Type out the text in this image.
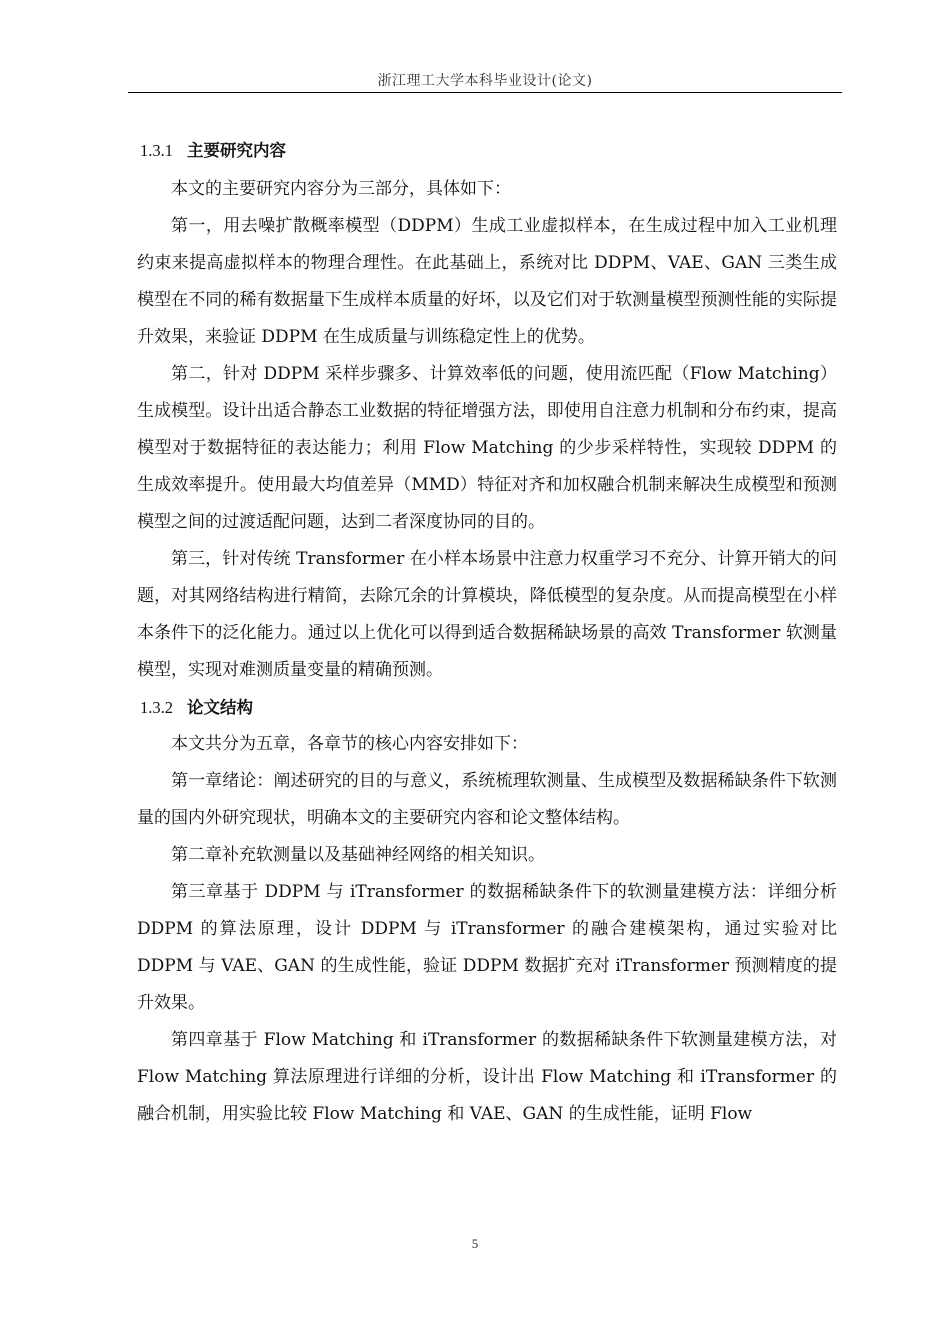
浙江理工大学本科毕业设计(论文)
1.3.1 主要研究内容

本文的主要研究内容分为三部分，具体如下：

第一，用去噪扩散概率模型（DDPM）生成工业虚拟样本，在生成过程中加入工业机理约束来提高虚拟样本的物理合理性。在此基础上，系统对比 DDPM、VAE、GAN 三类生成模型在不同的稀有数据量下生成样本质量的好坏，以及它们对于软测量模型预测性能的实际提升效果，来验证 DDPM 在生成质量与训练稳定性上的优势。

第二，针对 DDPM 采样步骤多、计算效率低的问题，使用流匹配（Flow Matching）生成模型。设计出适合静态工业数据的特征增强方法，即使用自注意力机制和分布约束，提高模型对于数据特征的表达能力；利用 Flow Matching 的少步采样特性，实现较 DDPM 的生成效率提升。使用最大均值差异（MMD）特征对齐和加权融合机制来解决生成模型和预测模型之间的过渡适配问题，达到二者深度协同的目的。

第三，针对传统 Transformer 在小样本场景中注意力权重学习不充分、计算开销大的问题，对其网络结构进行精简，去除冗余的计算模块，降低模型的复杂度。从而提高模型在小样本条件下的泛化能力。通过以上优化可以得到适合数据稀缺场景的高效 Transformer 软测量模型，实现对难测质量变量的精确预测。

1.3.2 论文结构

本文共分为五章，各章节的核心内容安排如下：

第一章绪论：阐述研究的目的与意义，系统梳理软测量、生成模型及数据稀缺条件下软测量的国内外研究现状，明确本文的主要研究内容和论文整体结构。

第二章补充软测量以及基础神经网络的相关知识。

第三章基于 DDPM 与 iTransformer 的数据稀缺条件下的软测量建模方法：详细分析 DDPM 的算法原理，设计 DDPM 与 iTransformer 的融合建模架构，通过实验对比 DDPM 与 VAE、GAN 的生成性能，验证 DDPM 数据扩充对 iTransformer 预测精度的提升效果。

第四章基于 Flow Matching 和 iTransformer 的数据稀缺条件下软测量建模方法，对 Flow Matching 算法原理进行详细的分析，设计出 Flow Matching 和 iTransformer 的融合机制，用实验比较 Flow Matching 和 VAE、GAN 的生成性能，证明 Flow

5
